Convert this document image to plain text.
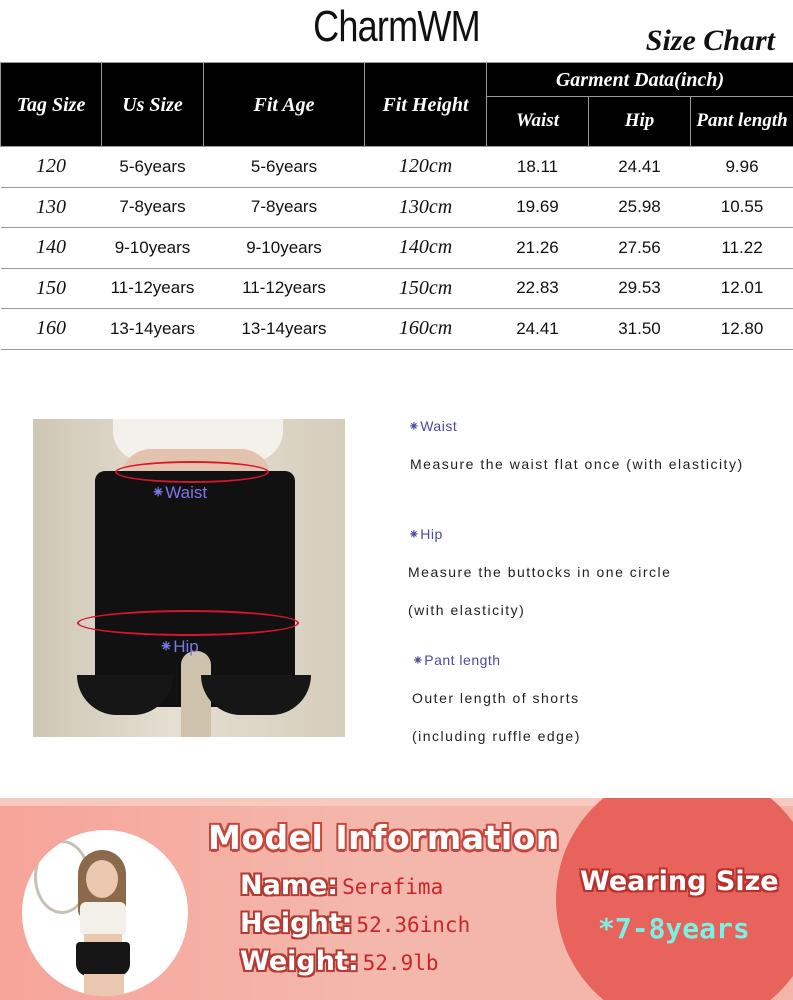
CharmWM	Size Chart
Tag Size	Us Size	Fit Age	Fit Height	Garment Data(inch)		
				Waist	Hip	Pant length
120	5-6years	5-6years	120cm	18.11	24.41	9.96
130	7-8years	7-8years	130cm	19.69	25.98	10.55
140	9-10years	9-10years	140cm	21.26	27.56	11.22
150	11-12years	11-12years	150cm	22.83	29.53	12.01
160	13-14years	13-14years	160cm	24.41	31.50	12.80
⁕Waist
⁕Hip
⁕Waist
Measure the waist flat once (with elasticity)
⁕Hip
Measure the buttocks in one circle
(with elasticity)
⁕Pant length
Outer length of shorts
(including ruffle edge)
Model Information
Name: Serafima
Height: 52.36inch
Weight: 52.9lb
Wearing Size
*7-8years
